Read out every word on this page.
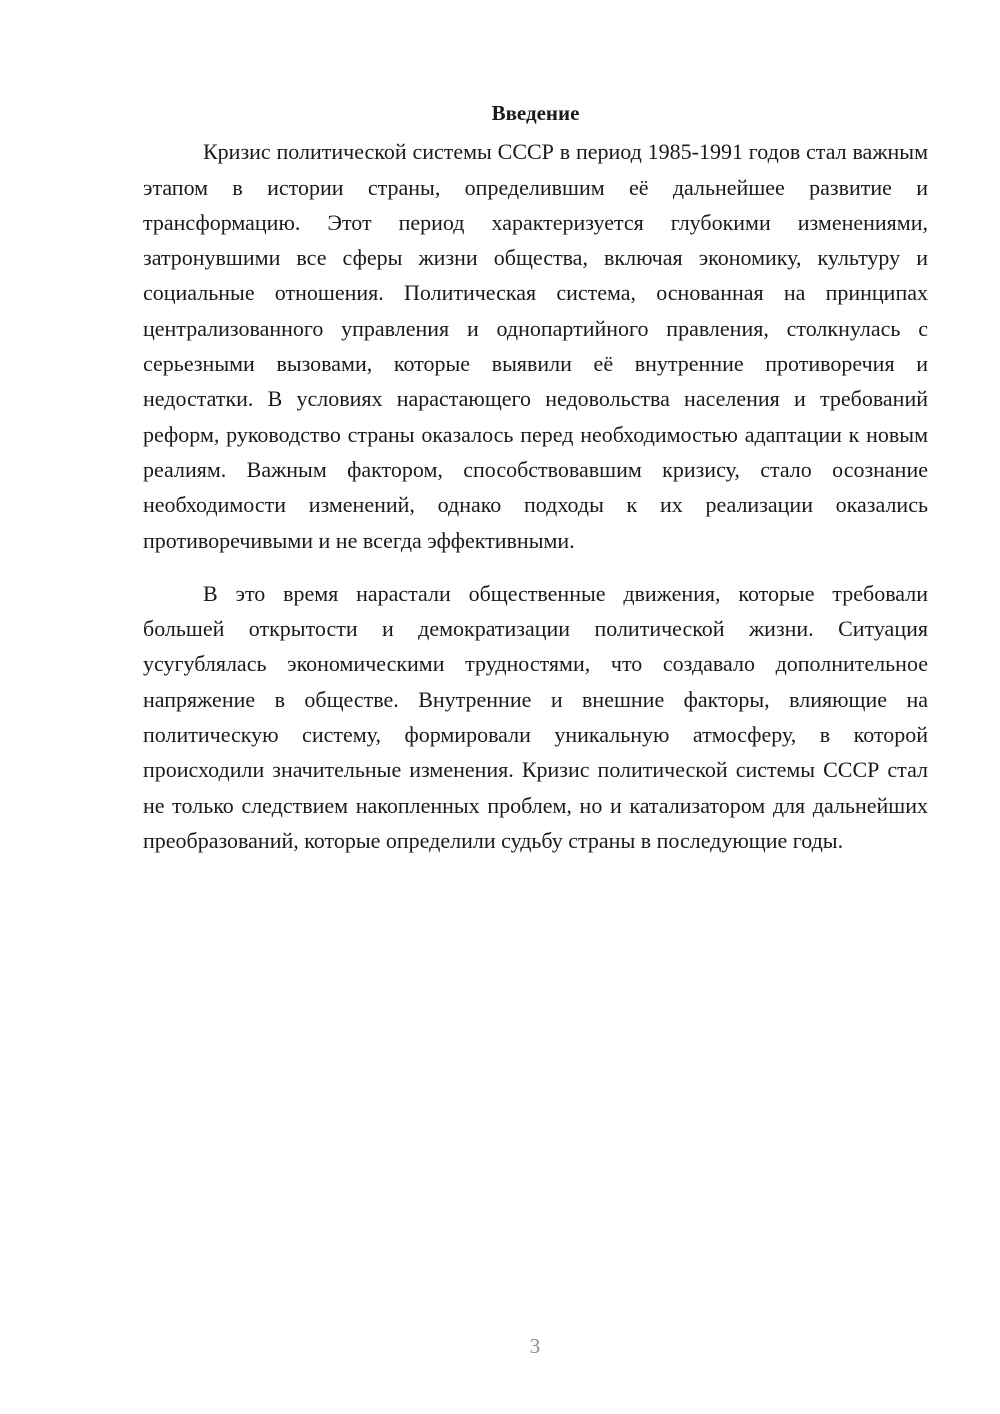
Введение

Кризис политической системы СССР в период 1985-1991 годов стал важным этапом в истории страны, определившим её дальнейшее развитие и трансформацию. Этот период характеризуется глубокими изменениями, затронувшими все сферы жизни общества, включая экономику, культуру и социальные отношения. Политическая система, основанная на принципах централизованного управления и однопартийного правления, столкнулась с серьезными вызовами, которые выявили её внутренние противоречия и недостатки. В условиях нарастающего недовольства населения и требований реформ, руководство страны оказалось перед необходимостью адаптации к новым реалиям. Важным фактором, способствовавшим кризису, стало осознание необходимости изменений, однако подходы к их реализации оказались противоречивыми и не всегда эффективными.

В это время нарастали общественные движения, которые требовали большей открытости и демократизации политической жизни. Ситуация усугублялась экономическими трудностями, что создавало дополнительное напряжение в обществе. Внутренние и внешние факторы, влияющие на политическую систему, формировали уникальную атмосферу, в которой происходили значительные изменения. Кризис политической системы СССР стал не только следствием накопленных проблем, но и катализатором для дальнейших преобразований, которые определили судьбу страны в последующие годы.

3
